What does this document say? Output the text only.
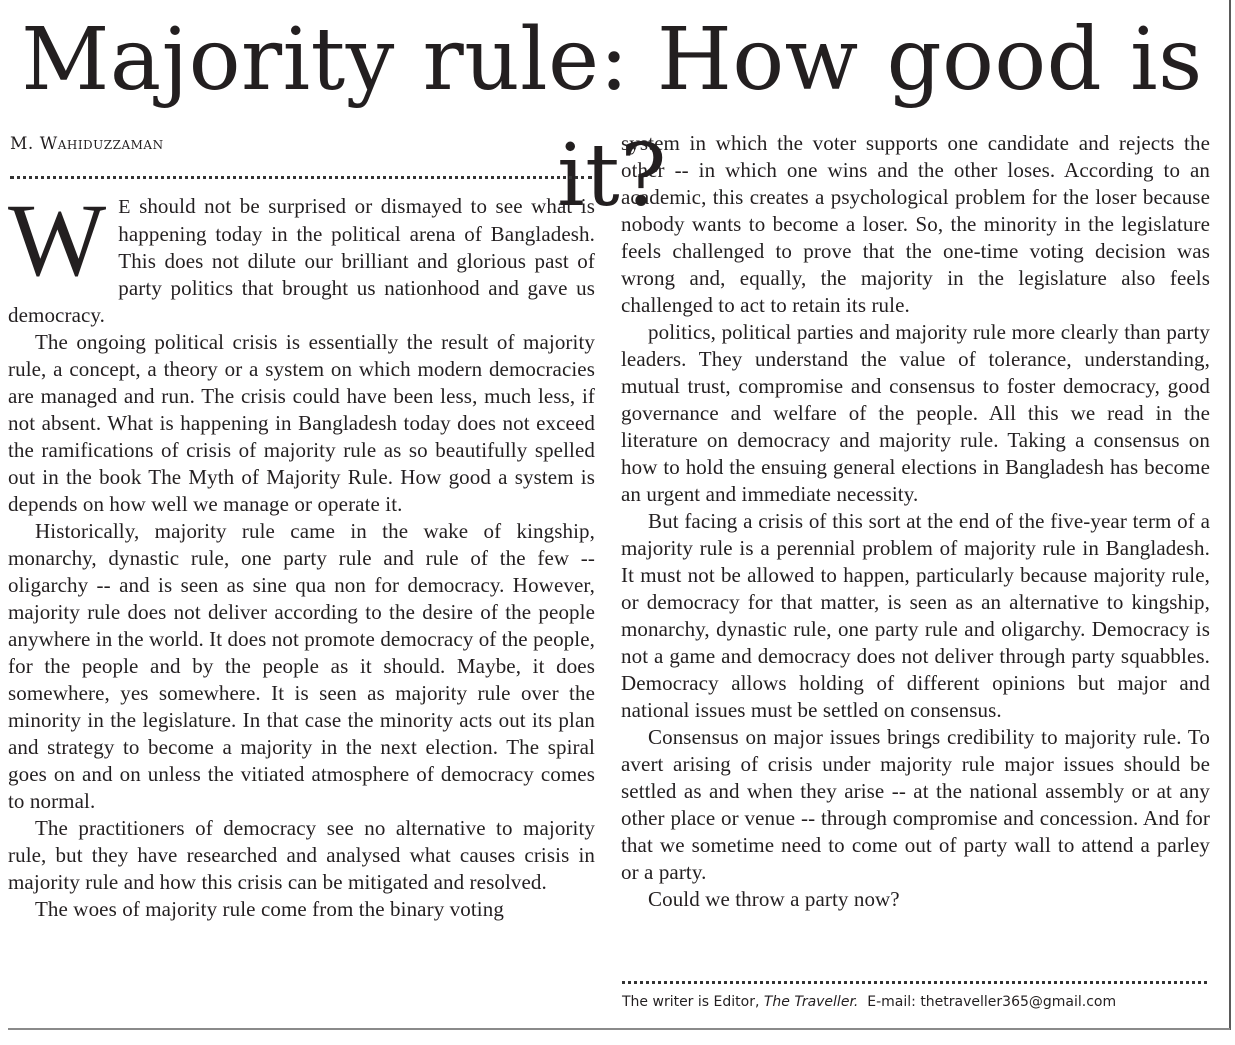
Majority rule: How good is it?
M. Wahiduzzaman

W E should not be surprised or dismayed to see what is happening today in the political arena of Bangladesh. This does not dilute our brilliant and glorious past of party politics that brought us nationhood and gave us democracy.

The ongoing political crisis is essentially the result of majority rule, a concept, a theory or a system on which modern democracies are managed and run. The crisis could have been less, much less, if not absent. What is happening in Bangladesh today does not exceed the ramifications of crisis of majority rule as so beautifully spelled out in the book The Myth of Majority Rule. How good a system is depends on how well we manage or operate it.

Historically, majority rule came in the wake of kingship, monarchy, dynastic rule, one party rule and rule of the few -- oligarchy -- and is seen as sine qua non for democracy. However, majority rule does not deliver according to the desire of the people anywhere in the world. It does not promote democracy of the people, for the people and by the people as it should. Maybe, it does somewhere, yes somewhere. It is seen as majority rule over the minority in the legislature. In that case the minority acts out its plan and strategy to become a majority in the next election. The spiral goes on and on unless the vitiated atmosphere of democracy comes to normal.

The practitioners of democracy see no alternative to majority rule, but they have researched and analysed what causes crisis in majority rule and how this crisis can be mitigated and resolved.

The woes of majority rule come from the binary voting

system in which the voter supports one candidate and rejects the other -- in which one wins and the other loses. According to an academic, this creates a psychological problem for the loser because nobody wants to become a loser. So, the minority in the legislature feels challenged to prove that the one-time voting decision was wrong and, equally, the majority in the legislature also feels challenged to act to retain its rule.

politics, political parties and majority rule more clearly than party leaders. They understand the value of tolerance, understanding, mutual trust, compromise and consensus to foster democracy, good governance and welfare of the people. All this we read in the literature on democracy and majority rule. Taking a consensus on how to hold the ensuing general elections in Bangladesh has become an urgent and immediate necessity.

But facing a crisis of this sort at the end of the five-year term of a majority rule is a perennial problem of majority rule in Bangladesh. It must not be allowed to happen, particularly because majority rule, or democracy for that matter, is seen as an alternative to kingship, monarchy, dynastic rule, one party rule and oligarchy. Democracy is not a game and democracy does not deliver through party squabbles. Democracy allows holding of different opinions but major and national issues must be settled on consensus.

Consensus on major issues brings credibility to majority rule. To avert arising of crisis under majority rule major issues should be settled as and when they arise -- at the national assembly or at any other place or venue -- through compromise and concession. And for that we sometime need to come out of party wall to attend a parley or a party.

Could we throw a party now?

The writer is Editor, The Traveller.  E-mail: thetraveller365@gmail.com
